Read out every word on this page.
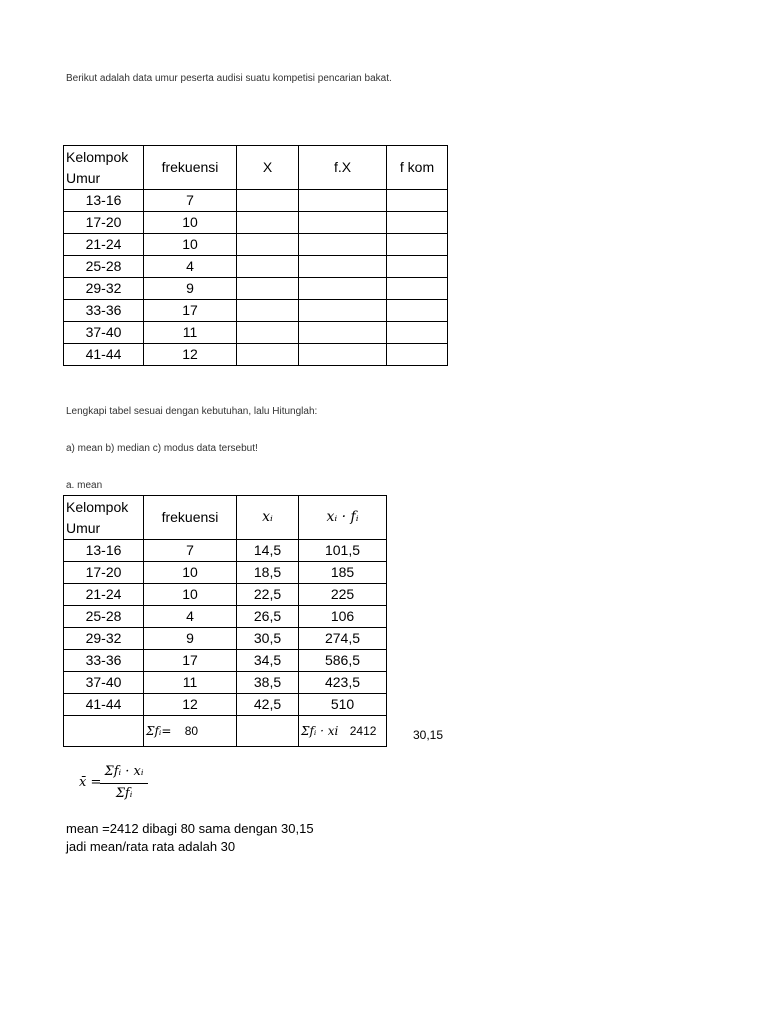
Berikut adalah data umur peserta audisi suatu kompetisi pencarian bakat.
Kelompok Umur	frekuensi	X	f.X	f kom
13-16	7			
17-20	10			
21-24	10			
25-28	4			
29-32	9			
33-36	17			
37-40	11			
41-44	12			
Lengkapi tabel sesuai dengan kebutuhan, lalu Hitunglah:
a) mean b) median c) modus data tersebut!
a. mean
Kelompok Umur	frekuensi	xᵢ	xᵢ · fᵢ
13-16	7	14,5	101,5
17-20	10	18,5	185
21-24	10	22,5	225
25-28	4	26,5	106
29-32	9	30,5	274,5
33-36	17	34,5	586,5
37-40	11	38,5	423,5
41-44	12	42,5	510
	Σfᵢ= 80		Σfᵢ · xi 2412	30,15
x̄ =
Σfᵢ · xᵢ
Σfᵢ
mean =2412 dibagi 80 sama dengan 30,15
jadi mean/rata rata adalah 30
